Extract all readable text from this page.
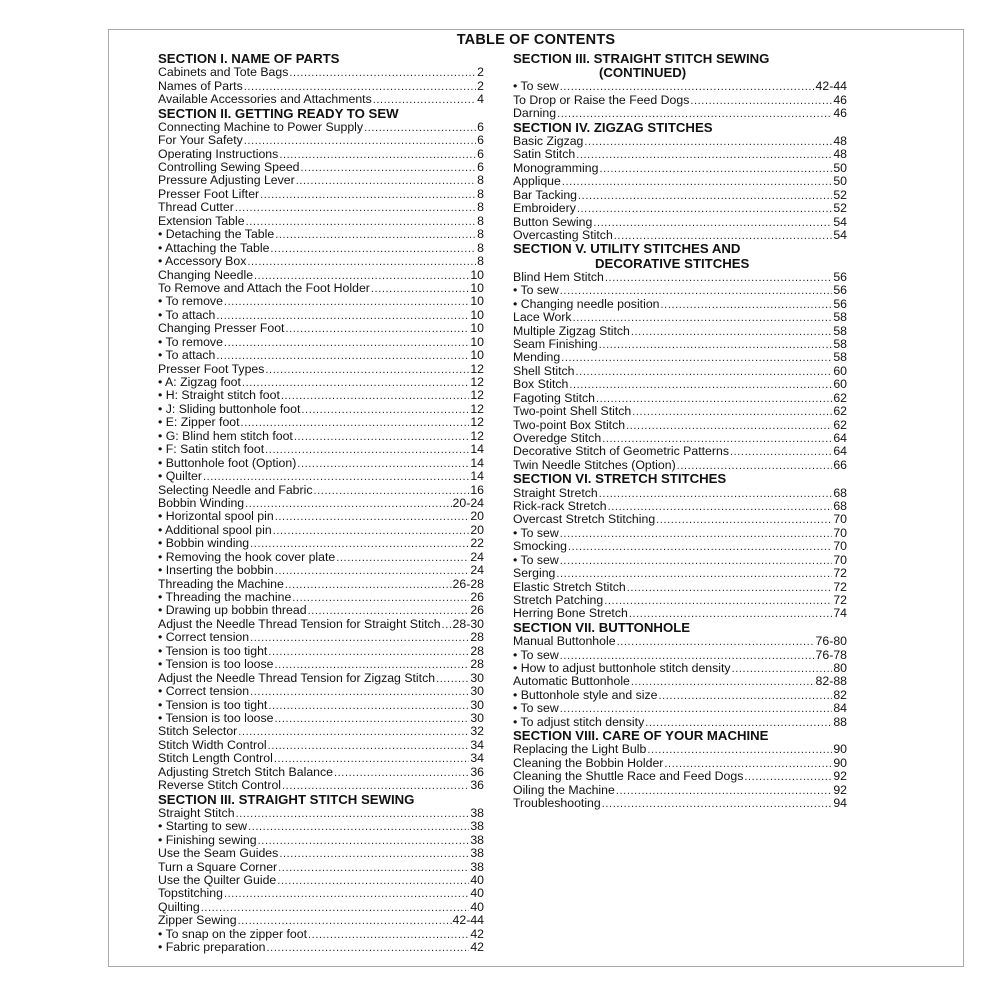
TABLE OF CONTENTS
SECTION I. NAME OF PARTS
Cabinets and Tote Bags .....	2
Names of Parts .....	2
Available Accessories and Attachments .....	4
SECTION II. GETTING READY TO SEW
Connecting Machine to Power Supply .....	6
For Your Safety .....	6
Operating Instructions .....	6
Controlling Sewing Speed .....	6
Pressure Adjusting Lever .....	8
Presser Foot Lifter .....	8
Thread Cutter .....	8
Extension Table .....	8
• Detaching the Table .....	8
• Attaching the Table .....	8
• Accessory Box .....	8
Changing Needle .....	10
To Remove and Attach the Foot Holder .....	10
• To remove .....	10
• To attach .....	10
Changing Presser Foot .....	10
• To remove .....	10
• To attach .....	10
Presser Foot Types .....	12
• A: Zigzag foot .....	12
• H: Straight stitch foot .....	12
• J: Sliding buttonhole foot .....	12
• E: Zipper foot .....	12
• G: Blind hem stitch foot .....	12
• F: Satin stitch foot .....	14
• Buttonhole foot (Option) .....	14
• Quilter .....	14
Selecting Needle and Fabric .....	16
Bobbin Winding .....	20-24
• Horizontal spool pin .....	20
• Additional spool pin .....	20
• Bobbin winding .....	22
• Removing the hook cover plate .....	24
• Inserting the bobbin .....	24
Threading the Machine .....	26-28
• Threading the machine .....	26
• Drawing up bobbin thread .....	26
Adjust the Needle Thread Tension for Straight Stitch ..... 28-30
• Correct tension .....	28
• Tension is too tight .....	28
• Tension is too loose .....	28
Adjust the Needle Thread Tension for Zigzag Stitch .....	30
• Correct tension .....	30
• Tension is too tight .....	30
• Tension is too loose .....	30
Stitch Selector .....	32
Stitch Width Control .....	34
Stitch Length Control .....	34
Adjusting Stretch Stitch Balance .....	36
Reverse Stitch Control .....	36
SECTION III. STRAIGHT STITCH SEWING
Straight Stitch .....	38
• Starting to sew .....	38
• Finishing sewing .....	38
Use the Seam Guides .....	38
Turn a Square Corner .....	38
Use the Quilter Guide .....	40
Topstitching .....	40
Quilting .....	40
Zipper Sewing .....	42-44
• To snap on the zipper foot .....	42
• Fabric preparation .....	42
SECTION III. STRAIGHT STITCH SEWING
(CONTINUED)
• To sew .....	42-44
To Drop or Raise the Feed Dogs .....	46
Darning .....	46
SECTION IV. ZIGZAG STITCHES
Basic Zigzag .....	48
Satin Stitch .....	48
Monogramming .....	50
Applique .....	50
Bar Tacking .....	52
Embroidery .....	52
Button Sewing .....	54
Overcasting Stitch .....	54
SECTION V. UTILITY STITCHES AND
DECORATIVE STITCHES
Blind Hem Stitch .....	56
• To sew .....	56
• Changing needle position .....	56
Lace Work .....	58
Multiple Zigzag Stitch .....	58
Seam Finishing .....	58
Mending .....	58
Shell Stitch .....	60
Box Stitch .....	60
Fagoting Stitch .....	62
Two-point Shell Stitch .....	62
Two-point Box Stitch .....	62
Overedge Stitch .....	64
Decorative Stitch of Geometric Patterns .....	64
Twin Needle Stitches (Option) .....	66
SECTION VI. STRETCH STITCHES
Straight Stretch .....	68
Rick-rack Stretch .....	68
Overcast Stretch Stitching .....	70
• To sew .....	70
Smocking .....	70
• To sew .....	70
Serging .....	72
Elastic Stretch Stitch .....	72
Stretch Patching .....	72
Herring Bone Stretch .....	74
SECTION VII. BUTTONHOLE
Manual Buttonhole .....	76-80
• To sew .....	76-78
• How to adjust buttonhole stitch density .....	80
Automatic Buttonhole .....	82-88
• Buttonhole style and size .....	82
• To sew .....	84
• To adjust stitch density .....	88
SECTION VIII. CARE OF YOUR MACHINE
Replacing the Light Bulb .....	90
Cleaning the Bobbin Holder .....	90
Cleaning the Shuttle Race and Feed Dogs .....	92
Oiling the Machine .....	92
Troubleshooting .....	94
